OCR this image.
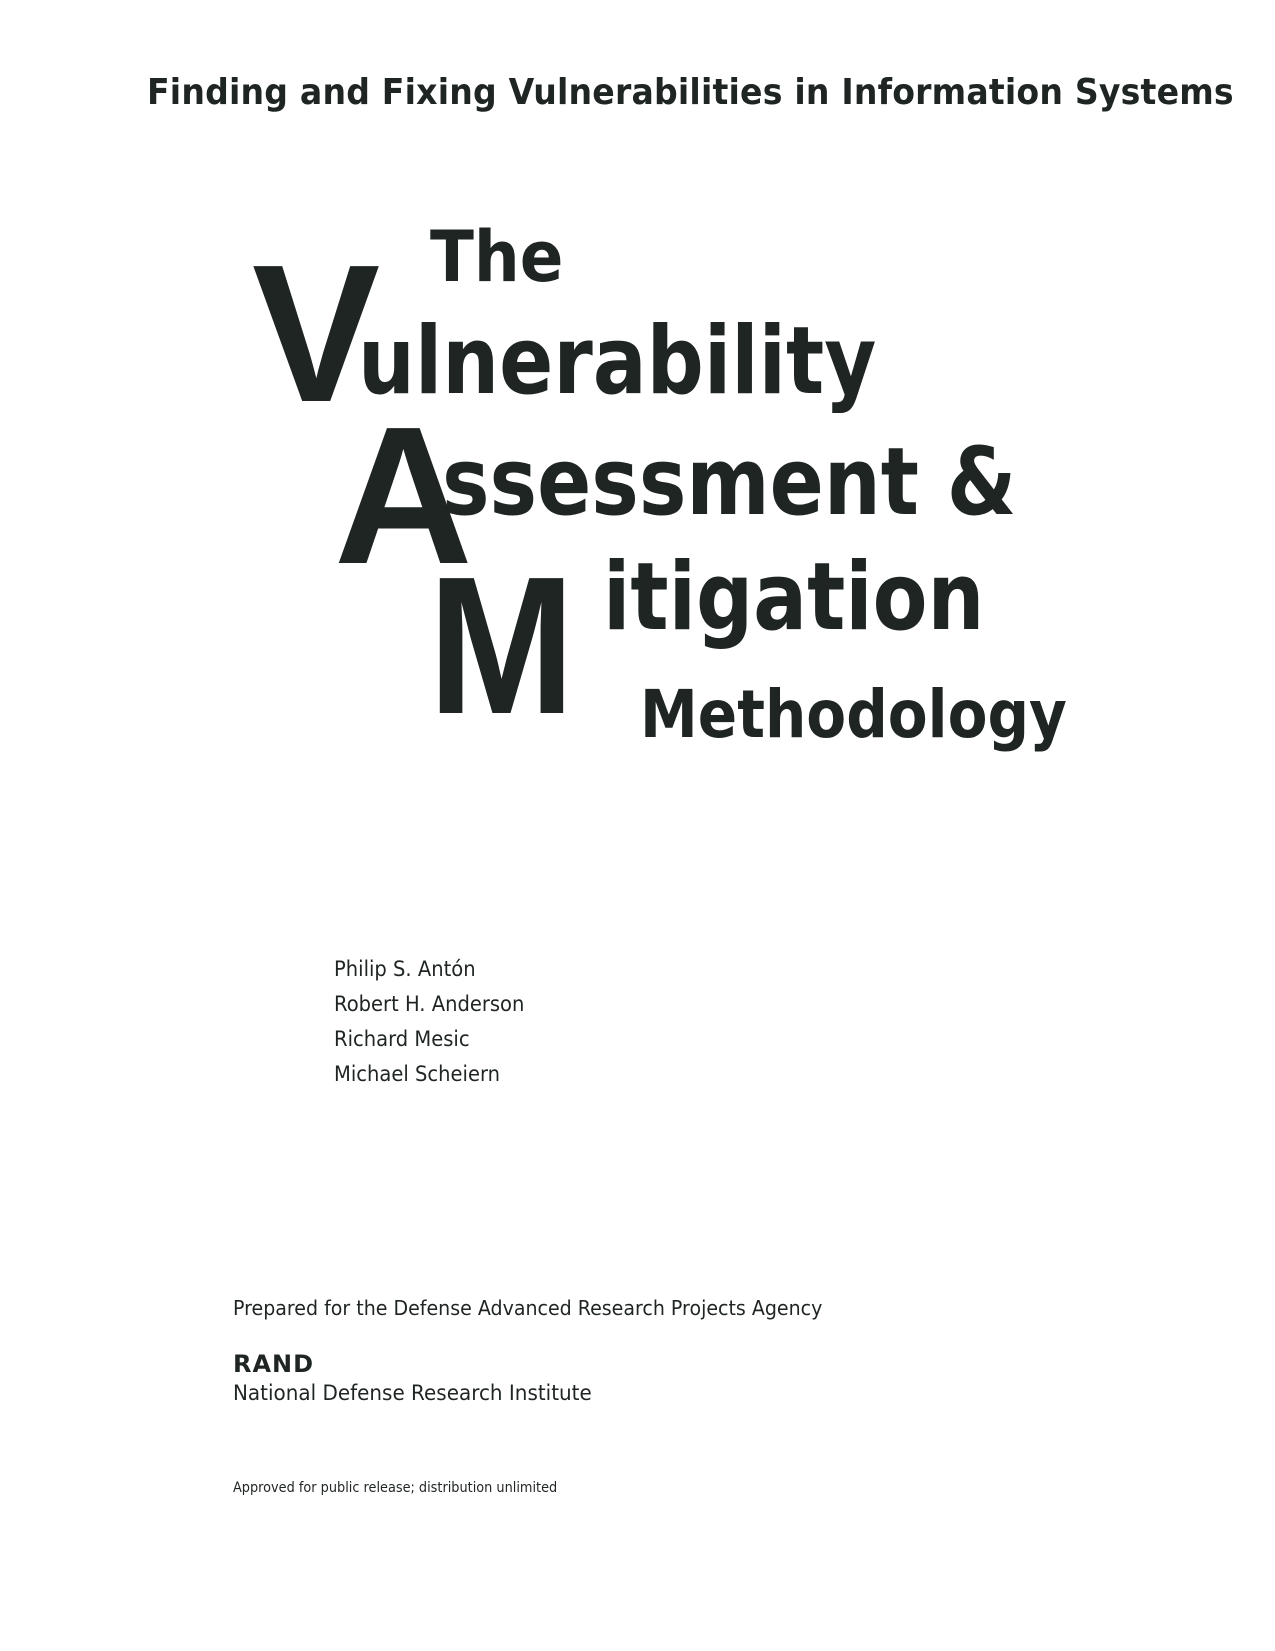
Finding and Fixing Vulnerabilities in Information Systems
The
V
ulnerability
A
ssessment &
M itigation
Methodology
Philip S. Antón
Robert H. Anderson
Richard Mesic
Michael Scheiern
Prepared for the Defense Advanced Research Projects Agency
RAND
National Defense Research Institute
Approved for public release; distribution unlimited
